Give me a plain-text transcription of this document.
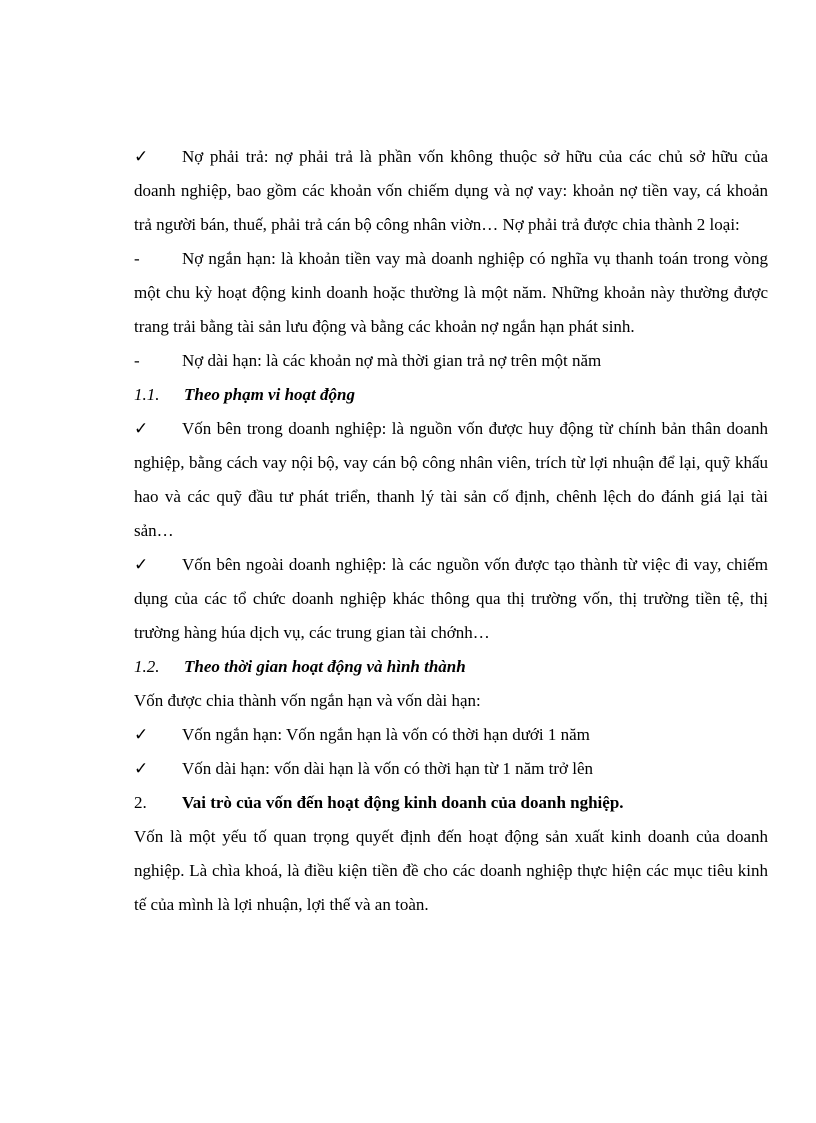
✓ Nợ phải trả: nợ phải trả là phần vốn không thuộc sở hữu của các chủ sở hữu của doanh nghiệp, bao gồm các khoản vốn chiếm dụng và nợ vay: khoản nợ tiền vay, cá khoản trả người bán, thuế, phải trả cán bộ công nhân viờn… Nợ phải trả được chia thành 2 loại:

- Nợ ngắn hạn: là khoản tiền vay mà doanh nghiệp có nghĩa vụ thanh toán trong vòng một chu kỳ hoạt động kinh doanh hoặc thường là một năm. Những khoản này thường được trang trải bằng tài sản lưu động và bằng các khoản nợ ngắn hạn phát sinh.

- Nợ dài hạn: là các khoản nợ mà thời gian trả nợ trên một năm

1.1. Theo phạm vi hoạt động

✓ Vốn bên trong doanh nghiệp: là nguồn vốn được huy động từ chính bản thân doanh nghiệp, bằng cách vay nội bộ, vay cán bộ công nhân viên, trích từ lợi nhuận để lại, quỹ khấu hao và các quỹ đầu tư phát triển, thanh lý tài sản cố định, chênh lệch do đánh giá lại tài sản…

✓ Vốn bên ngoài doanh nghiệp: là các nguồn vốn được tạo thành từ việc đi vay, chiếm dụng của các tổ chức doanh nghiệp khác thông qua thị trường vốn, thị trường tiền tệ, thị trường hàng húa dịch vụ, các trung gian tài chớnh…

1.2. Theo thời gian hoạt động và hình thành

Vốn được chia thành vốn ngắn hạn và vốn dài hạn:

✓ Vốn ngắn hạn: Vốn ngắn hạn là vốn có thời hạn dưới 1 năm

✓ Vốn dài hạn: vốn dài hạn là vốn có thời hạn từ 1 năm trở lên

2. Vai trò của vốn đến hoạt động kinh doanh của doanh nghiệp.

Vốn là một yếu tố quan trọng quyết định đến hoạt động sản xuất kinh doanh của doanh nghiệp. Là chìa khoá, là điều kiện tiền đề cho các doanh nghiệp thực hiện các mục tiêu kinh tế của mình là lợi nhuận, lợi thế và an toàn.
